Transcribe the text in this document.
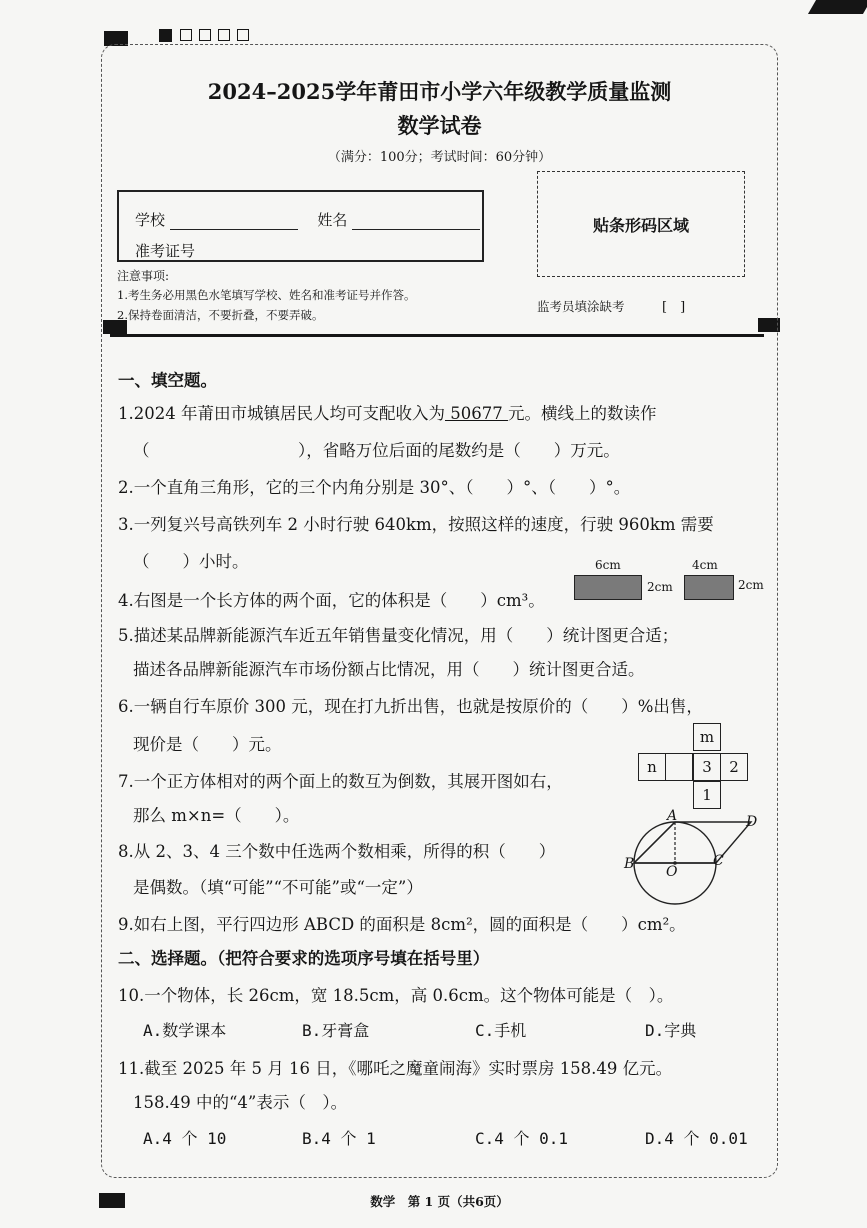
2024–2025学年莆田市小学六年级教学质量监测
数学试卷
（满分：100分；考试时间：60分钟）
学校	姓名
准考证号
贴条形码区域
注意事项:
1.考生务必用黑色水笔填写学校、姓名和准考证号并作答。
2.保持卷面清洁，不要折叠，不要弄破。
监考员填涂缺考	[　]
一、填空题。
1.2024 年莆田市城镇居民人均可支配收入为 50677 元。横线上的数读作
（　　　　　　　　　），省略万位后面的尾数约是（　　）万元。
2.一个直角三角形，它的三个内角分别是 30°、（　　）°、（　　）°。
3.一列复兴号高铁列车 2 小时行驶 640km，按照这样的速度，行驶 960km 需要
（　　）小时。
4.右图是一个长方体的两个面，它的体积是（　　）cm³。
6cm
2cm
4cm
2cm
5.描述某品牌新能源汽车近五年销售量变化情况，用（　　）统计图更合适；
描述各品牌新能源汽车市场份额占比情况，用（　　）统计图更合适。
6.一辆自行车原价 300 元，现在打九折出售，也就是按原价的（　　）%出售，
现价是（　　）元。
7.一个正方体相对的两个面上的数互为倒数，其展开图如右，
那么 m×n=（　　）。
m
n	3	2
1
8.从 2、3、4 三个数中任选两个数相乘，所得的积（　　）
是偶数。（填“可能”“不可能”或“一定”）
A	D
B	C
O
9.如右上图，平行四边形 ABCD 的面积是 8cm²，圆的面积是（　　）cm²。
二、选择题。（把符合要求的选项序号填在括号里）
10.一个物体，长 26cm，宽 18.5cm，高 0.6cm。这个物体可能是（　）。
A.数学课本	B.牙膏盒	C.手机	D.字典
11.截至 2025 年 5 月 16 日，《哪吒之魔童闹海》实时票房 158.49 亿元。
158.49 中的“4”表示（　）。
A.4 个 10	B.4 个 1	C.4 个 0.1	D.4 个 0.01
数学　第 1 页（共6页）
